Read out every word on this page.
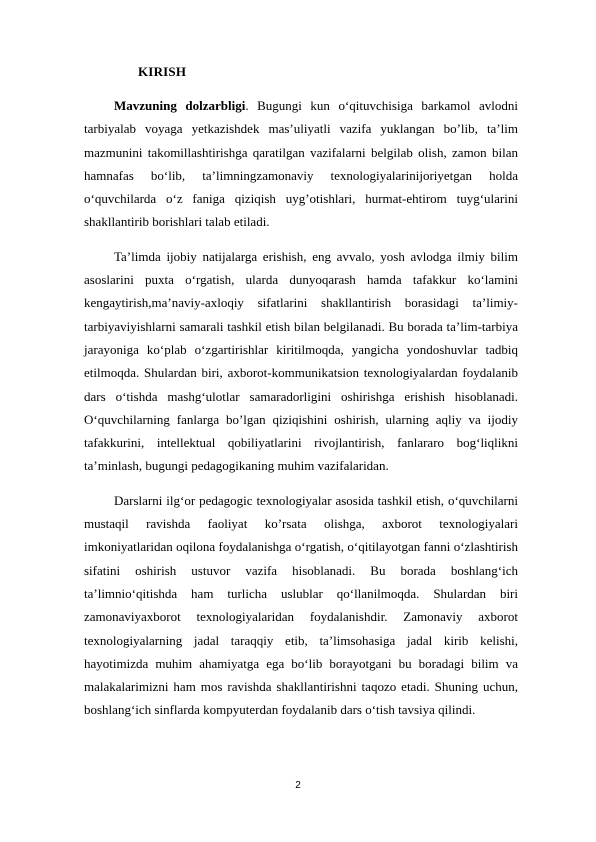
KIRISH

Mavzuning dolzarbligi. Bugungi kun o‘qituvchisiga barkamol avlodni tarbiyalab voyaga yetkazishdek mas’uliyatli vazifa yuklangan bo’lib, ta’lim mazmunini takomillashtirishga qaratilgan vazifalarni belgilab olish, zamon bilan hamnafas bo‘lib, ta’limningzamonaviy texnologiyalarinijoriyetgan holda o‘quvchilarda o‘z faniga qiziqish uyg’otishlari, hurmat-ehtirom tuyg‘ularini shakllantirib borishlari talab etiladi.

Ta’limda ijobiy natijalarga erishish, eng avvalo, yosh avlodga ilmiy bilim asoslarini puxta o‘rgatish, ularda dunyoqarash hamda tafakkur ko‘lamini kengaytirish,ma’naviy-axloqiy sifatlarini shakllantirish borasidagi ta’limiy-tarbiyaviyishlarni samarali tashkil etish bilan belgilanadi. Bu borada ta’lim-tarbiya jarayoniga ko‘plab o‘zgartirishlar kiritilmoqda, yangicha yondoshuvlar tadbiq etilmoqda. Shulardan biri, axborot-kommunikatsion texnologiyalardan foydalanib dars o‘tishda mashg‘ulotlar samaradorligini oshirishga erishish hisoblanadi. O‘quvchilarning fanlarga bo’lgan qiziqishini oshirish, ularning aqliy va ijodiy tafakkurini, intellektual qobiliyatlarini rivojlantirish, fanlararo bog‘liqlikni ta’minlash, bugungi pedagogikaning muhim vazifalaridan.

Darslarni ilg‘or pedagogic texnologiyalar asosida tashkil etish, o‘quvchilarni mustaqil ravishda faoliyat ko’rsata olishga, axborot texnologiyalari imkoniyatlaridan oqilona foydalanishga o‘rgatish, o‘qitilayotgan fanni o‘zlashtirish sifatini oshirish ustuvor vazifa hisoblanadi. Bu borada boshlang‘ich ta’limnio‘qitishda ham turlicha uslublar qo‘llanilmoqda. Shulardan biri zamonaviyaxborot texnologiyalaridan foydalanishdir. Zamonaviy axborot texnologiyalarning jadal taraqqiy etib, ta’limsohasiga jadal kirib kelishi, hayotimizda muhim ahamiyatga ega bo‘lib borayotgani bu boradagi bilim va malakalarimizni ham mos ravishda shakllantirishni taqozo etadi. Shuning uchun, boshlang‘ich sinflarda kompyuterdan foydalanib dars o‘tish tavsiya qilindi.

2
